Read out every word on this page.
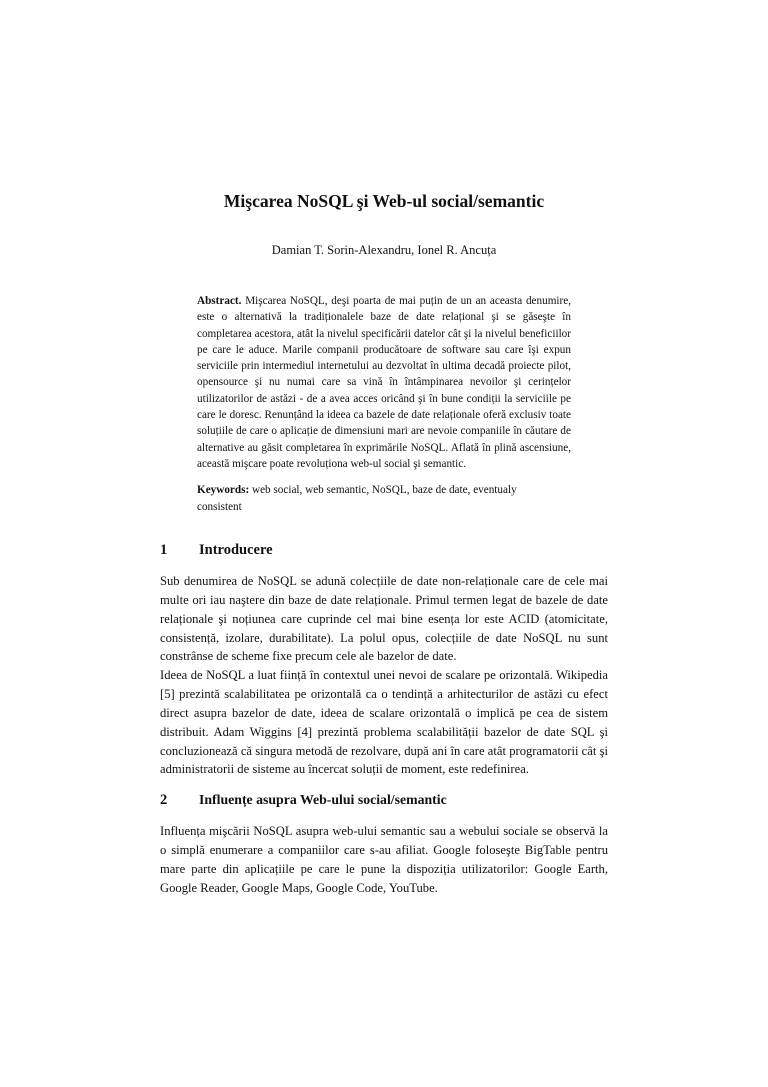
Mişcarea NoSQL şi Web-ul social/semantic

Damian T. Sorin-Alexandru, Ionel R. Ancuța

Abstract. Mişcarea NoSQL, deşi poarta de mai puțin de un an aceasta denumire, este o alternativă la tradiționalele baze de date relațional şi se găseşte în completarea acestora, atât la nivelul specificării datelor cât şi la nivelul beneficiilor pe care le aduce. Marile companii producătoare de software sau care îşi expun serviciile prin intermediul internetului au dezvoltat în ultima decadă proiecte pilot, opensource şi nu numai care sa vină în întâmpinarea nevoilor şi cerințelor utilizatorilor de astăzi - de a avea acces oricând şi în bune condiții la serviciile pe care le doresc. Renunțând la ideea ca bazele de date relaționale oferă exclusiv toate soluțiile de care o aplicație de dimensiuni mari are nevoie companiile în căutare de alternative au găsit completarea în exprimările NoSQL. Aflată în plină ascensiune, această mişcare poate revoluționa web-ul social şi semantic.

Keywords: web social, web semantic, NoSQL, baze de date, eventualy consistent

1 Introducere

Sub denumirea de NoSQL se adună colecțiile de date non-relaționale care de cele mai multe ori iau naştere din baze de date relaționale. Primul termen legat de bazele de date relaționale şi noțiunea care cuprinde cel mai bine esența lor este ACID (atomicitate, consistență, izolare, durabilitate). La polul opus, colecțiile de date NoSQL nu sunt constrânse de scheme fixe precum cele ale bazelor de date.

Ideea de NoSQL a luat ființă în contextul unei nevoi de scalare pe orizontală. Wikipedia [5] prezintă scalabilitatea pe orizontală ca o tendință a arhitecturilor de astăzi cu efect direct asupra bazelor de date, ideea de scalare orizontală o implică pe cea de sistem distribuit. Adam Wiggins [4] prezintă problema scalabilității bazelor de date SQL şi concluzionează că singura metodă de rezolvare, după ani în care atât programatorii cât şi administratorii de sisteme au încercat soluții de moment, este redefinirea.

2 Influențe asupra Web-ului social/semantic

Influența mişcării NoSQL asupra web-ului semantic sau a webului sociale se observă la o simplă enumerare a companiilor care s-au afiliat. Google foloseşte BigTable pentru mare parte din aplicațiile pe care le pune la dispoziția utilizatorilor: Google Earth, Google Reader, Google Maps, Google Code, YouTube.
